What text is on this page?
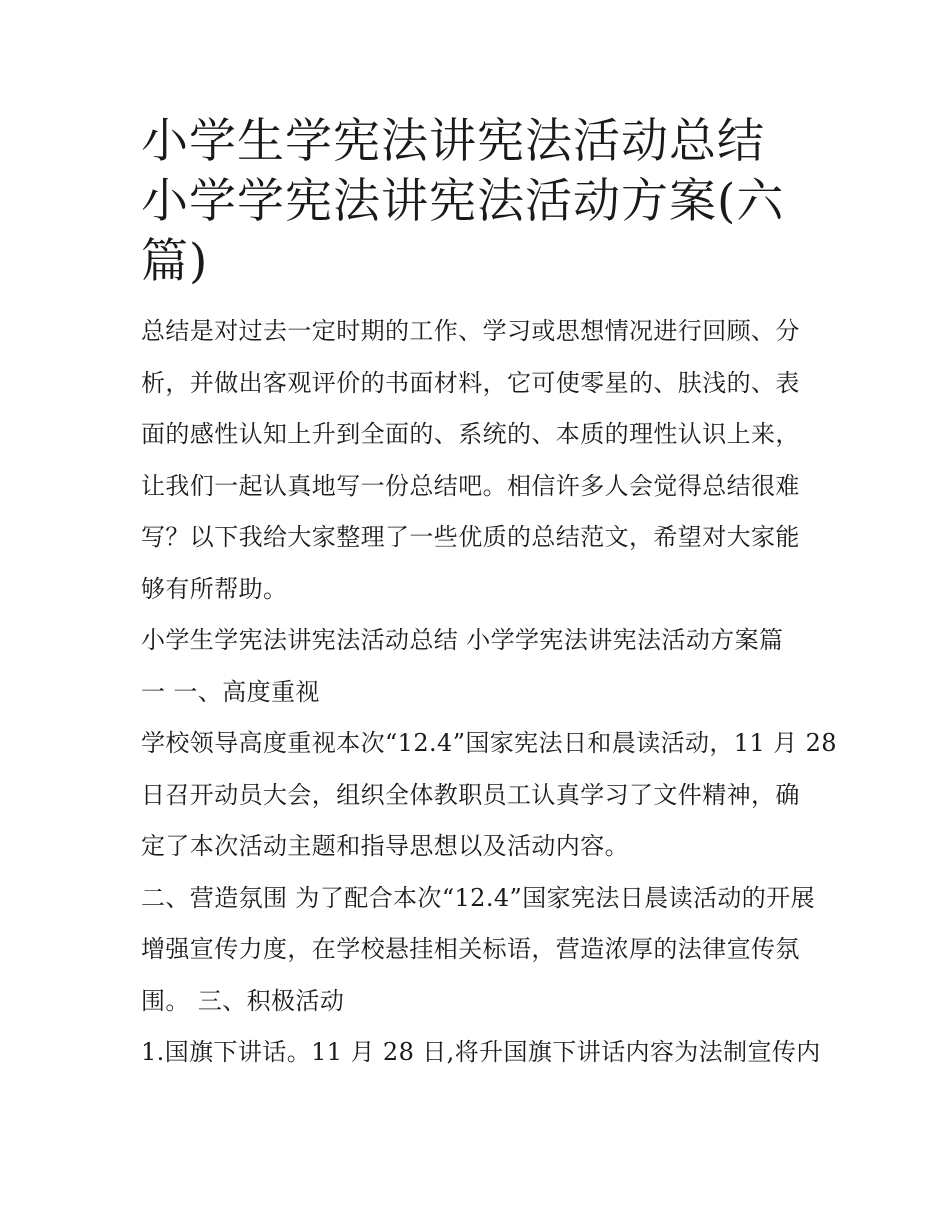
小学生学宪法讲宪法活动总结
小学学宪法讲宪法活动方案(六
篇)
总结是对过去一定时期的工作、学习或思想情况进行回顾、分
析，并做出客观评价的书面材料，它可使零星的、肤浅的、表
面的感性认知上升到全面的、系统的、本质的理性认识上来，
让我们一起认真地写一份总结吧。相信许多人会觉得总结很难
写？以下我给大家整理了一些优质的总结范文，希望对大家能
够有所帮助。
小学生学宪法讲宪法活动总结 小学学宪法讲宪法活动方案篇
一 一、高度重视
学校领导高度重视本次“12.4”国家宪法日和晨读活动，11 月 28
日召开动员大会，组织全体教职员工认真学习了文件精神，确
定了本次活动主题和指导思想以及活动内容。
二、营造氛围 为了配合本次“12.4”国家宪法日晨读活动的开展
增强宣传力度，在学校悬挂相关标语，营造浓厚的法律宣传氛
围。 三、积极活动
1.国旗下讲话。11 月 28 日,将升国旗下讲话内容为法制宣传内
